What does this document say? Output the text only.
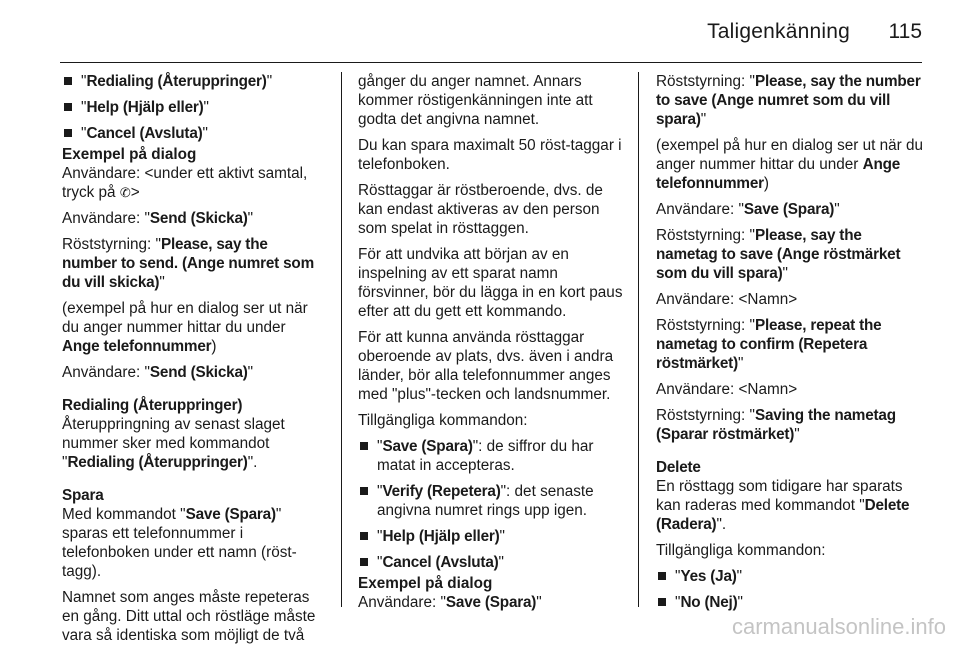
Taligenkänning 115
"Redialing (Återuppringer)"
"Help (Hjälp eller)"
"Cancel (Avsluta)"
Exempel på dialog

Användare: <under ett aktivt samtal, tryck på ✆>

Användare: "Send (Skicka)"

Röststyrning: "Please, say the number to send. (Ange numret som du vill skicka)"

(exempel på hur en dialog ser ut när du anger nummer hittar du under Ange telefonnummer)

Användare: "Send (Skicka)"

Redialing (Återuppringer)

Återuppringning av senast slaget nummer sker med kommandot "Redialing (Återuppringer)".

Spara

Med kommandot "Save (Spara)" sparas ett telefonnummer i telefonboken under ett namn (röst-tagg).

Namnet som anges måste repeteras en gång. Ditt uttal och röstläge måste vara så identiska som möjligt de två

gånger du anger namnet. Annars kommer röstigenkänningen inte att godta det angivna namnet.

Du kan spara maximalt 50 röst-taggar i telefonboken.

Rösttaggar är röstberoende, dvs. de kan endast aktiveras av den person som spelat in rösttaggen.

För att undvika att början av en inspelning av ett sparat namn försvinner, bör du lägga in en kort paus efter att du gett ett kommando.

För att kunna använda rösttaggar oberoende av plats, dvs. även i andra länder, bör alla telefonnummer anges med "plus"-tecken och landsnummer.

Tillgängliga kommandon:

"Save (Spara)": de siffror du har matat in accepteras.
"Verify (Repetera)": det senaste angivna numret rings upp igen.
"Help (Hjälp eller)"
"Cancel (Avsluta)"
Exempel på dialog

Användare: "Save (Spara)"

Röststyrning: "Please, say the number to save (Ange numret som du vill spara)"

(exempel på hur en dialog ser ut när du anger nummer hittar du under Ange telefonnummer)

Användare: "Save (Spara)"

Röststyrning: "Please, say the nametag to save (Ange röstmärket som du vill spara)"

Användare: <Namn>

Röststyrning: "Please, repeat the nametag to confirm (Repetera röstmärket)"

Användare: <Namn>

Röststyrning: "Saving the nametag (Sparar röstmärket)"

Delete

En rösttagg som tidigare har sparats kan raderas med kommandot "Delete (Radera)".

Tillgängliga kommandon:

"Yes (Ja)"
"No (Nej)"
carmanualsonline.info
